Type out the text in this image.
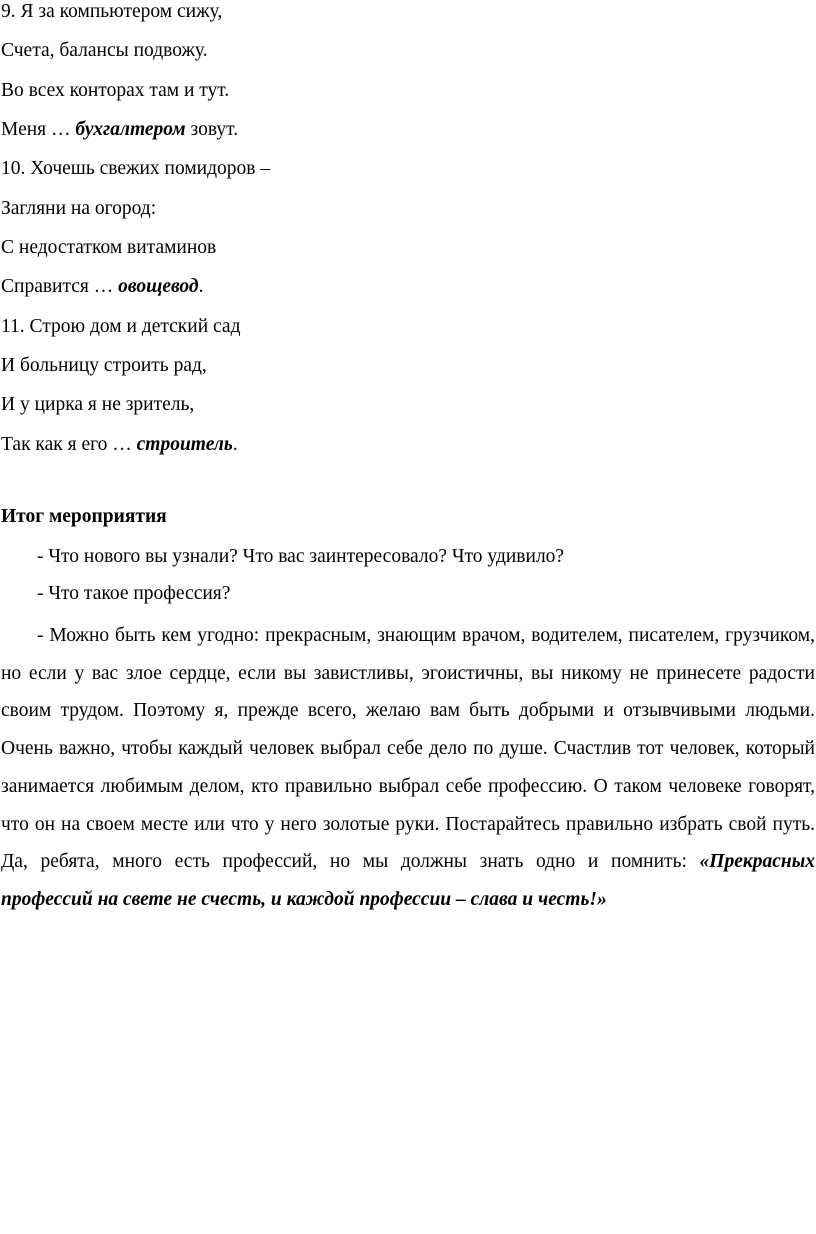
9. Я за компьютером сижу,
Счета, балансы подвожу.
Во всех конторах там и тут.
Меня … бухгалтером зовут.
10. Хочешь свежих помидоров –
Загляни на огород:
С недостатком витаминов
Справится … овощевод.
11. Строю дом и детский сад
И больницу строить рад,
И у цирка я не зритель,
Так как я его … строитель.
Итог мероприятия
- Что нового вы узнали? Что вас заинтересовало? Что удивило?
- Что такое профессия?
- Можно быть кем угодно: прекрасным, знающим врачом, водителем, писателем, грузчиком, но если у вас злое сердце, если вы завистливы, эгоистичны, вы никому не принесете радости своим трудом. Поэтому я, прежде всего, желаю вам быть добрыми и отзывчивыми людьми. Очень важно, чтобы каждый человек выбрал себе дело по душе. Счастлив тот человек, который занимается любимым делом, кто правильно выбрал себе профессию. О таком человеке говорят, что он на своем месте или что у него золотые руки. Постарайтесь правильно избрать свой путь. Да, ребята, много есть профессий, но мы должны знать одно и помнить: «Прекрасных профессий на свете не счесть, и каждой профессии – слава и честь!»
